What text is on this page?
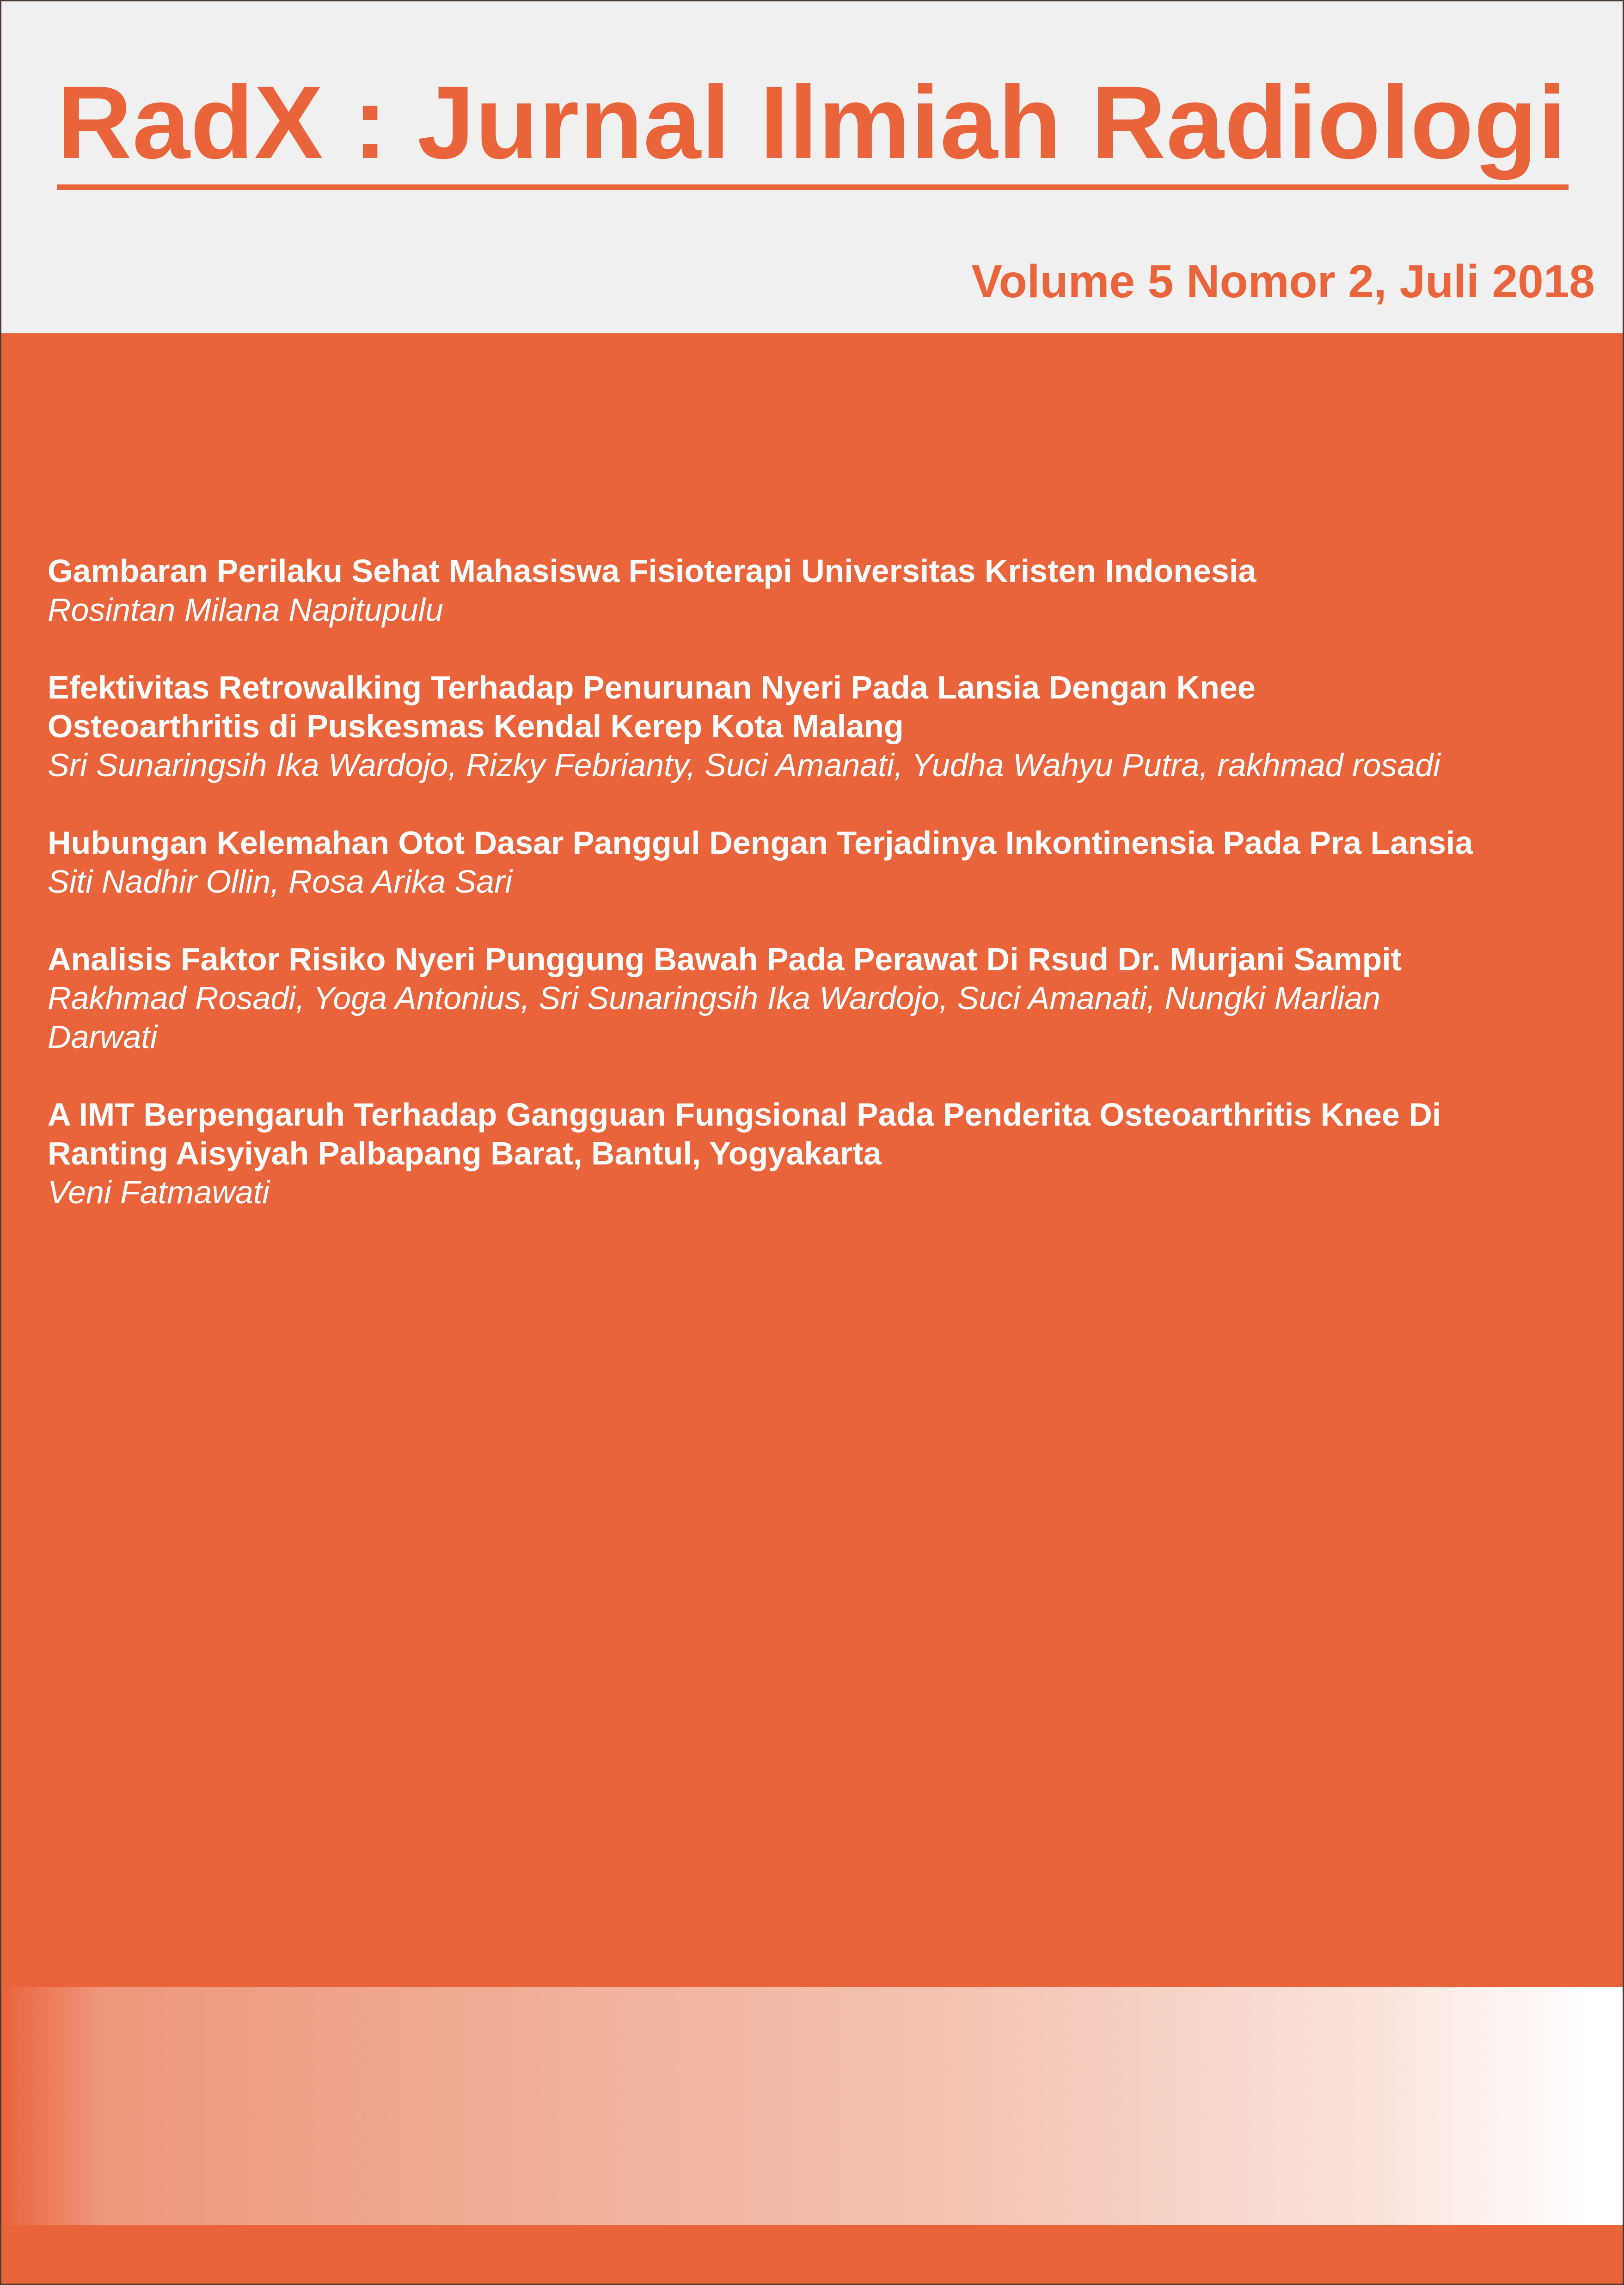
RadX : Jurnal Ilmiah Radiologi
Volume 5 Nomor 2, Juli 2018
Gambaran Perilaku Sehat Mahasiswa Fisioterapi Universitas Kristen Indonesia
Rosintan Milana Napitupulu
Efektivitas Retrowalking Terhadap Penurunan Nyeri Pada Lansia Dengan Knee
Osteoarthritis di Puskesmas Kendal Kerep Kota Malang
Sri Sunaringsih Ika Wardojo, Rizky Febrianty, Suci Amanati, Yudha Wahyu Putra, rakhmad rosadi
Hubungan Kelemahan Otot Dasar Panggul Dengan Terjadinya Inkontinensia Pada Pra Lansia
Siti Nadhir Ollin, Rosa Arika Sari
Analisis Faktor Risiko Nyeri Punggung Bawah Pada Perawat Di Rsud Dr. Murjani Sampit
Rakhmad Rosadi, Yoga Antonius, Sri Sunaringsih Ika Wardojo, Suci Amanati, Nungki Marlian
Darwati
A IMT Berpengaruh Terhadap Gangguan Fungsional Pada Penderita Osteoarthritis Knee Di
Ranting Aisyiyah Palbapang Barat, Bantul, Yogyakarta
Veni Fatmawati
